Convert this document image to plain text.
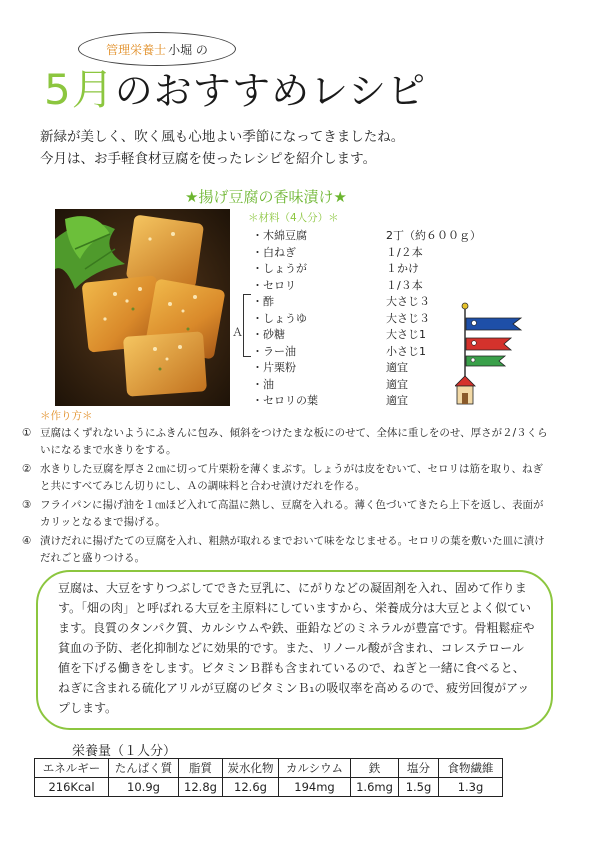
管理栄養士 小堀 の
5月のおすすめレシピ
新緑が美しく、吹く風も心地よい季節になってきましたね。
今月は、お手軽食材豆腐を使ったレシピを紹介します。
★揚げ豆腐の香味漬け★
＊材料（4人分）＊
・木綿豆腐	2丁（約６００ｇ）
・白ねぎ	１/２本
・しょうが	１かけ
・セロリ	１/３本
・酢	大さじ３
・しょうゆ	大さじ３
・砂糖	大さじ1
・ラー油	小さじ1
・片栗粉	適宜
・油	適宜
・セロリの葉	適宜
Ａ
＊作り方＊
① 豆腐はくずれないようにふきんに包み、傾斜をつけたまな板にのせて、全体に重しをのせ、厚さが２/３くらいになるまで水きりをする。
② 水きりした豆腐を厚さ２㎝に切って片栗粉を薄くまぶす。しょうがは皮をむいて、セロリは筋を取り、ねぎと共にすべてみじん切りにし、Ａの調味料と合わせ漬けだれを作る。
③ フライパンに揚げ油を１㎝ほど入れて高温に熱し、豆腐を入れる。薄く色づいてきたら上下を返し、表面がカリッとなるまで揚げる。
④ 漬けだれに揚げたての豆腐を入れ、粗熱が取れるまでおいて味をなじませる。セロリの葉を敷いた皿に漬けだれごと盛りつける。
豆腐は、大豆をすりつぶしてできた豆乳に、にがりなどの凝固剤を入れ、固めて作ります。「畑の肉」と呼ばれる大豆を主原料にしていますから、栄養成分は大豆とよく似ています。良質のタンパク質、カルシウムや鉄、亜鉛などのミネラルが豊富です。骨粗鬆症や貧血の予防、老化抑制などに効果的です。また、リノール酸が含まれ、コレステロール値を下げる働きをします。ビタミンＢ群も含まれているので、ねぎと一緒に食べると、ねぎに含まれる硫化アリルが豆腐のビタミンＢ₁の吸収率を高めるので、疲労回復がアップします。
栄養量（１人分）
エネルギー	たんぱく質	脂質	炭水化物	カルシウム	鉄	塩分	食物繊維
216Kcal	10.9g	12.8g	12.6g	194mg	1.6mg	1.5g	1.3g
